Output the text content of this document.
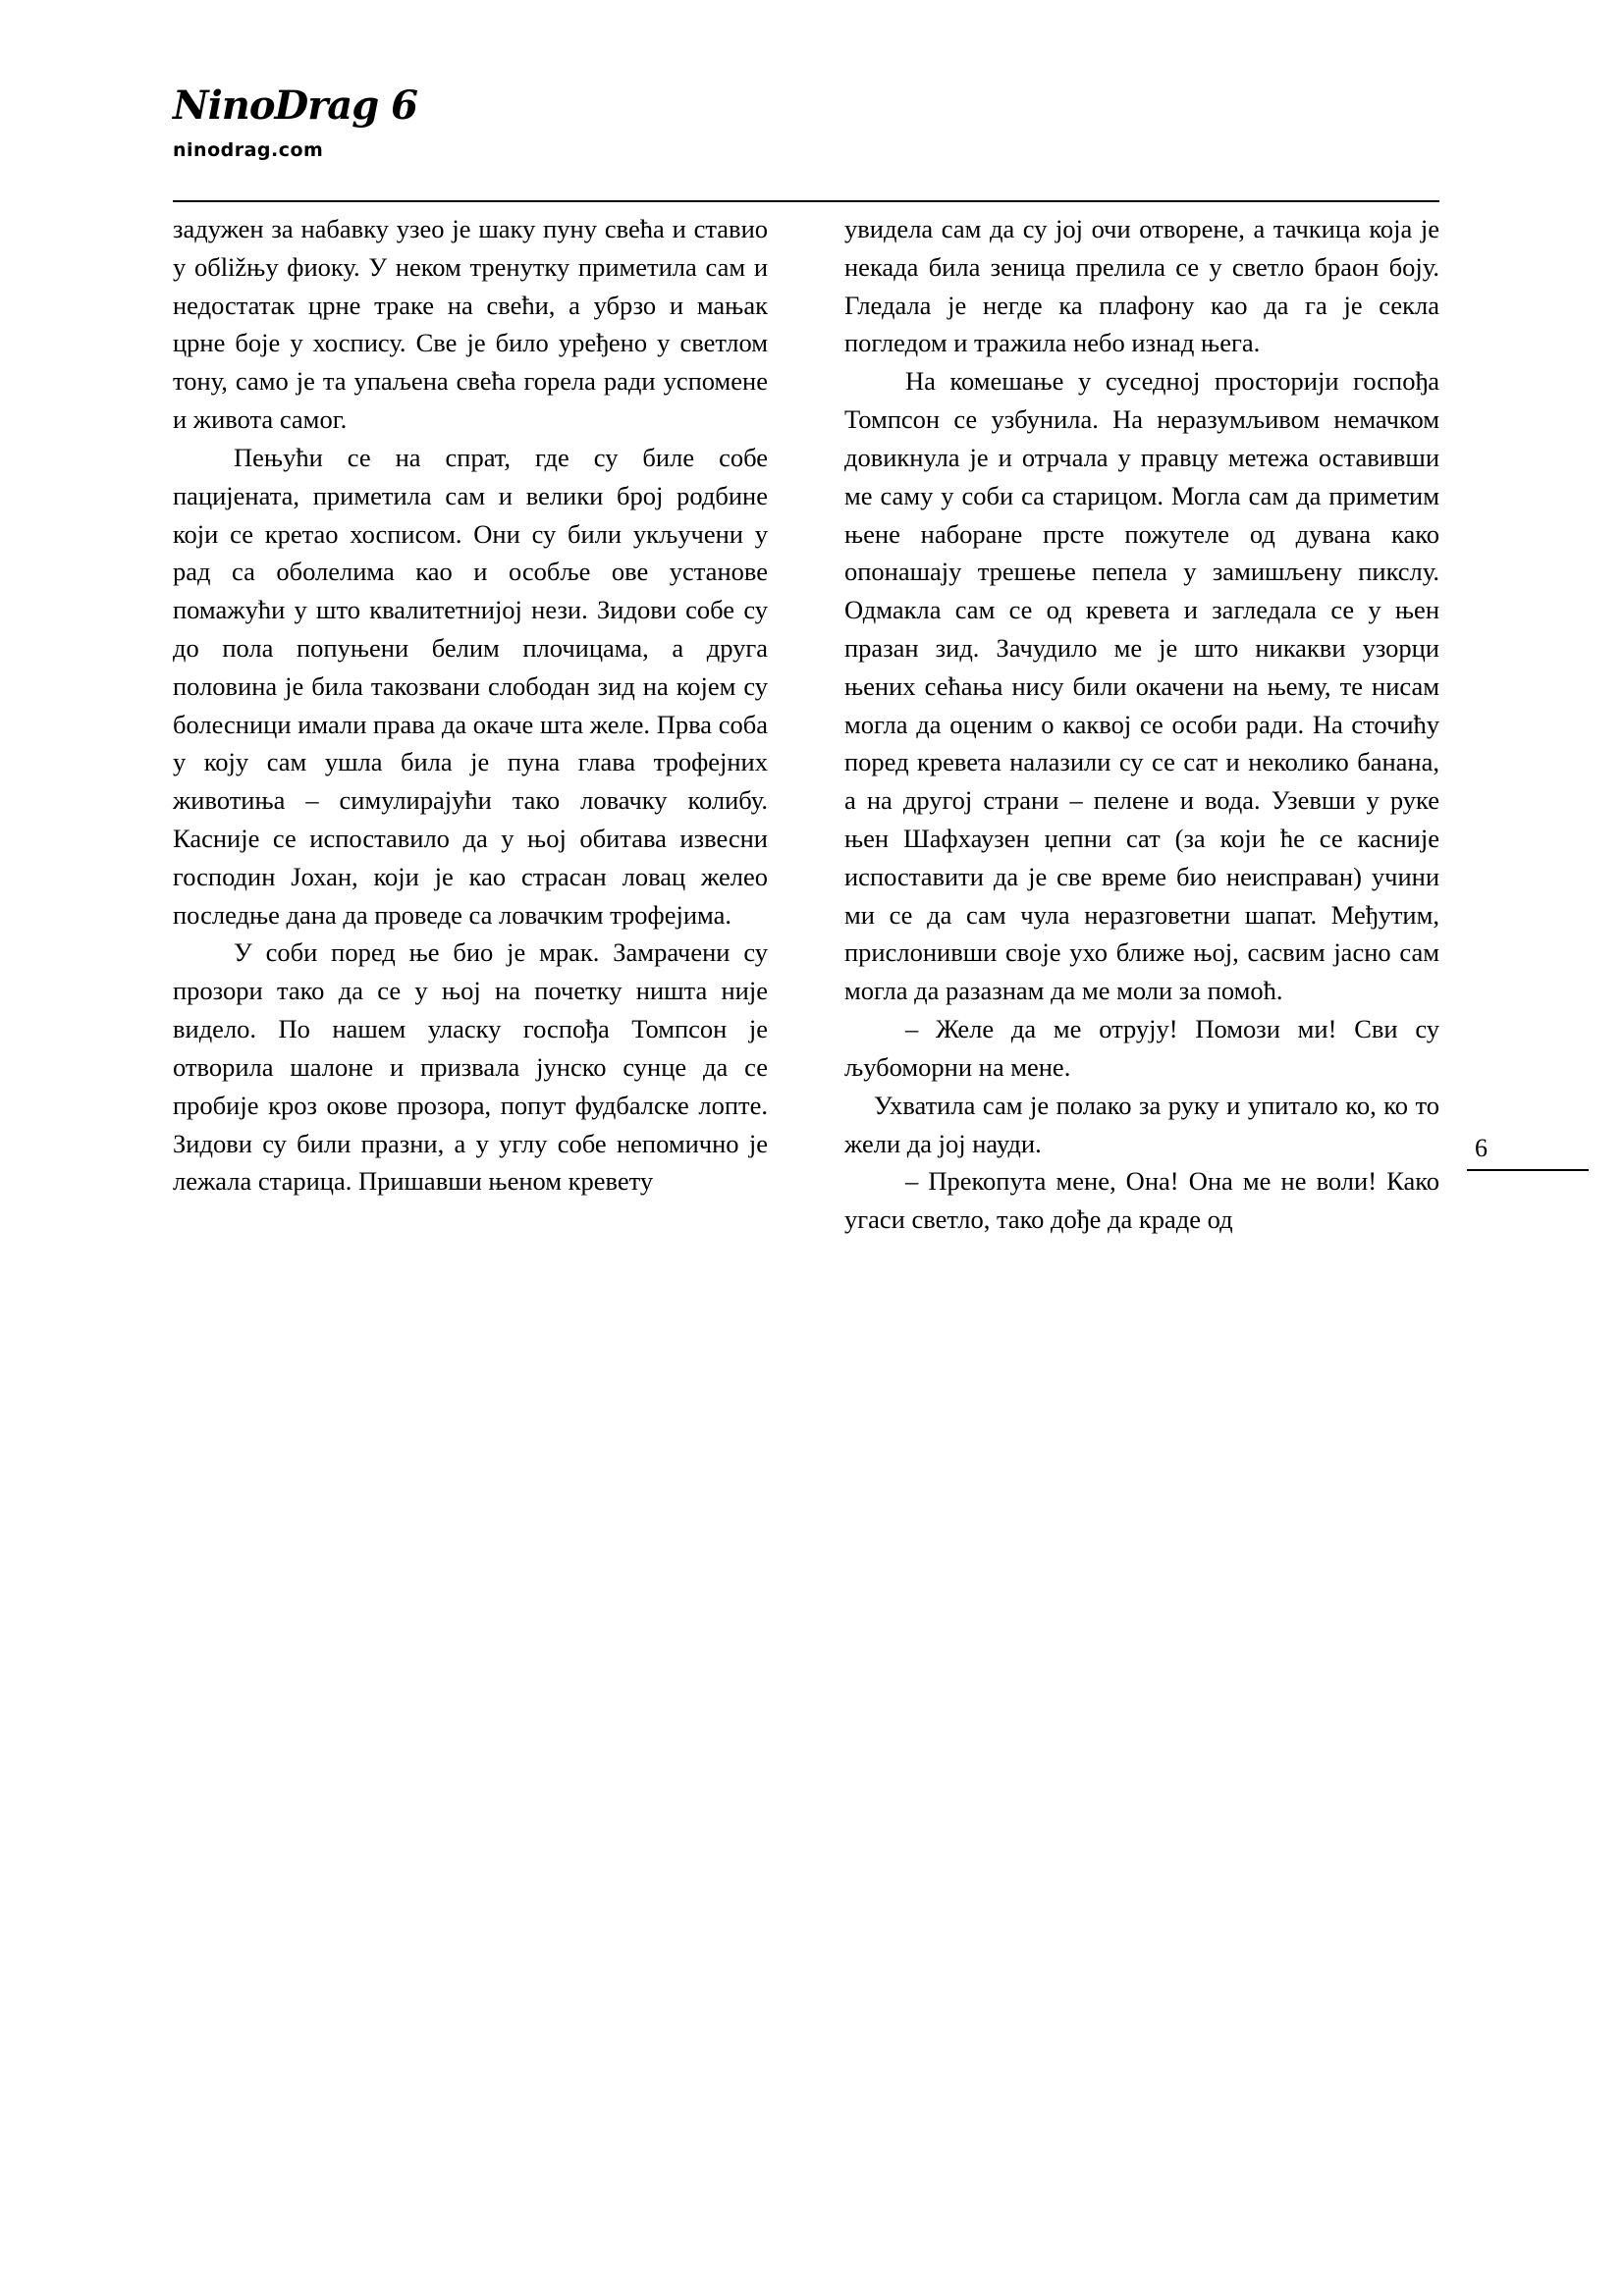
NinoDrag 6
ninodrag.com

задужен за набавку узео је шаку пуну свећа и ставио у обližњу фиоку. У неком тренутку приметила сам и недостатак црне траке на свећи, а убрзо и мањак црне боје у хоспису. Све је било уређено у светлом тону, само је та упаљена свећа горела ради успомене и живота самог.

Пењући се на спрат, где су биле собе пацијената, приметила сам и велики број родбине који се кретао хосписом. Они су били укључени у рад са оболелима као и особље ове установе помажући у што квалитетнијој нези. Зидови собе су до пола попуњени белим плочицама, а друга половина је била такозвани слободан зид на којем су болесници имали права да окаче шта желе. Прва соба у коју сам ушла била је пуна глава трофејних животиња – симулирајући тако ловачку колибу. Касније се испоставило да у њој обитава извесни господин Јохан, који је као страсан ловац желео последње дана да проведе са ловачким трофејима.

У соби поред ње био је мрак. Замрачени су прозори тако да се у њој на почетку ништа није видело. По нашем уласку госпођа Томпсон је отворила шалоне и призвала јунско сунце да се пробије кроз окове прозора, попут фудбалске лопте. Зидови су били празни, а у углу собе непомично је лежала старица. Пришавши њеном кревету

увидела сам да су јој очи отворене, а тачкица која је некада била зеница прелила се у светло браон боју. Гледала је негде ка плафону као да га је секла погледом и тражила небо изнад њега.

На комешање у суседној просторији госпођа Томпсон се узбунила. На неразумљивом немачком довикнула је и отрчала у правцу метежа оставивши ме саму у соби са старицом. Могла сам да приметим њене наборане прсте пожутеле од дувана како опонашају трешење пепела у замишљену пикслу. Одмакла сам се од кревета и загледала се у њен празан зид. Зачудило ме је што никакви узорци њених сећања нису били окачени на њему, те нисам могла да оценим о каквој се особи ради. На сточићу поред кревета налазили су се сат и неколико банана, а на другој страни – пелене и вода. Узевши у руке њен Шафхаузен џепни сат (за који ће се касније испоставити да је све време био неисправан) учини ми се да сам чула неразговетни шапат. Међутим, прислонивши своје ухо ближе њој, сасвим јасно сам могла да разазнам да ме моли за помоћ.

– Желе да ме отрују! Помози ми! Сви су љубоморни на мене.

Ухватила сам је полако за руку и упитало ко, ко то жели да јој науди.

– Прекопута мене, Она! Она ме не воли! Како угаси светло, тако дође да краде од

6
